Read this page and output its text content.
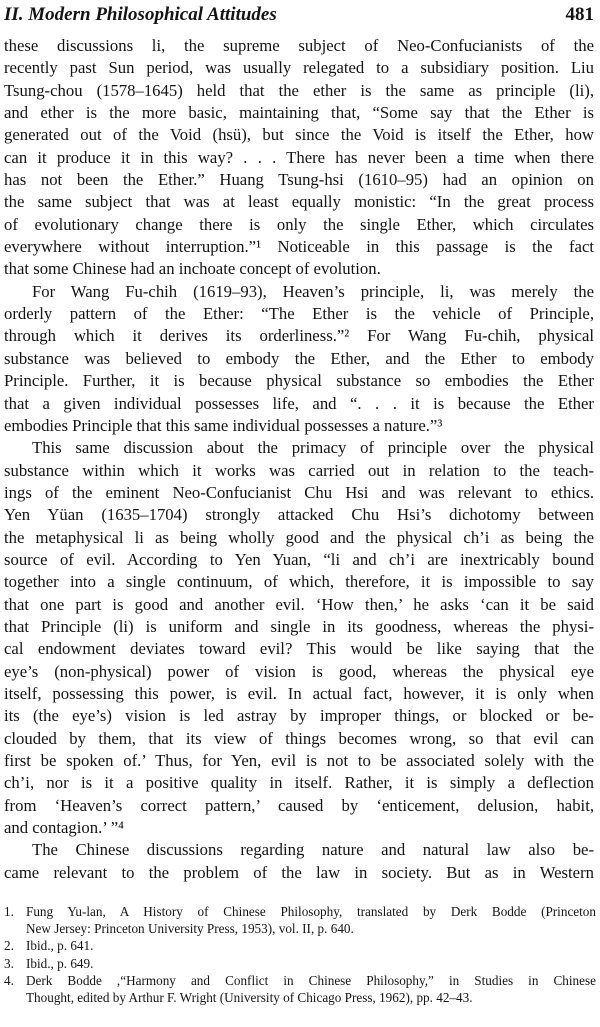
II. Modern Philosophical Attitudes	481
these discussions li, the supreme subject of Neo-Confucianists of the
recently past Sun period, was usually relegated to a subsidiary position. Liu
Tsung-chou (1578–1645) held that the ether is the same as principle (li),
and ether is the more basic, maintaining that, “Some say that the Ether is
generated out of the Void (hsü), but since the Void is itself the Ether, how
can it produce it in this way? . . . There has never been a time when there
has not been the Ether.” Huang Tsung-hsi (1610–95) had an opinion on
the same subject that was at least equally monistic: “In the great process
of evolutionary change there is only the single Ether, which circulates
everywhere without interruption.”¹ Noticeable in this passage is the fact
that some Chinese had an inchoate concept of evolution.
For Wang Fu-chih (1619–93), Heaven’s principle, li, was merely the
orderly pattern of the Ether: “The Ether is the vehicle of Principle,
through which it derives its orderliness.”² For Wang Fu-chih, physical
substance was believed to embody the Ether, and the Ether to embody
Principle. Further, it is because physical substance so embodies the Ether
that a given individual possesses life, and “. . . it is because the Ether
embodies Principle that this same individual possesses a nature.”³
This same discussion about the primacy of principle over the physical
substance within which it works was carried out in relation to the teach-
ings of the eminent Neo-Confucianist Chu Hsi and was relevant to ethics.
Yen Yüan (1635–1704) strongly attacked Chu Hsi’s dichotomy between
the metaphysical li as being wholly good and the physical ch’i as being the
source of evil. According to Yen Yuan, “li and ch’i are inextricably bound
together into a single continuum, of which, therefore, it is impossible to say
that one part is good and another evil. ‘How then,’ he asks ‘can it be said
that Principle (li) is uniform and single in its goodness, whereas the physi-
cal endowment deviates toward evil? This would be like saying that the
eye’s (non-physical) power of vision is good, whereas the physical eye
itself, possessing this power, is evil. In actual fact, however, it is only when
its (the eye’s) vision is led astray by improper things, or blocked or be-
clouded by them, that its view of things becomes wrong, so that evil can
first be spoken of.’ Thus, for Yen, evil is not to be associated solely with the
ch’i, nor is it a positive quality in itself. Rather, it is simply a deflection
from ‘Heaven’s correct pattern,’ caused by ‘enticement, delusion, habit,
and contagion.’ ”⁴
The Chinese discussions regarding nature and natural law also be-
came relevant to the problem of the law in society. But as in Western
1. Fung Yu-lan, A History of Chinese Philosophy, translated by Derk Bodde (Princeton
New Jersey: Princeton University Press, 1953), vol. II, p. 640.
2. Ibid., p. 641.
3. Ibid., p. 649.
4. Derk Bodde ,“Harmony and Conflict in Chinese Philosophy,” in Studies in Chinese
Thought, edited by Arthur F. Wright (University of Chicago Press, 1962), pp. 42–43.
